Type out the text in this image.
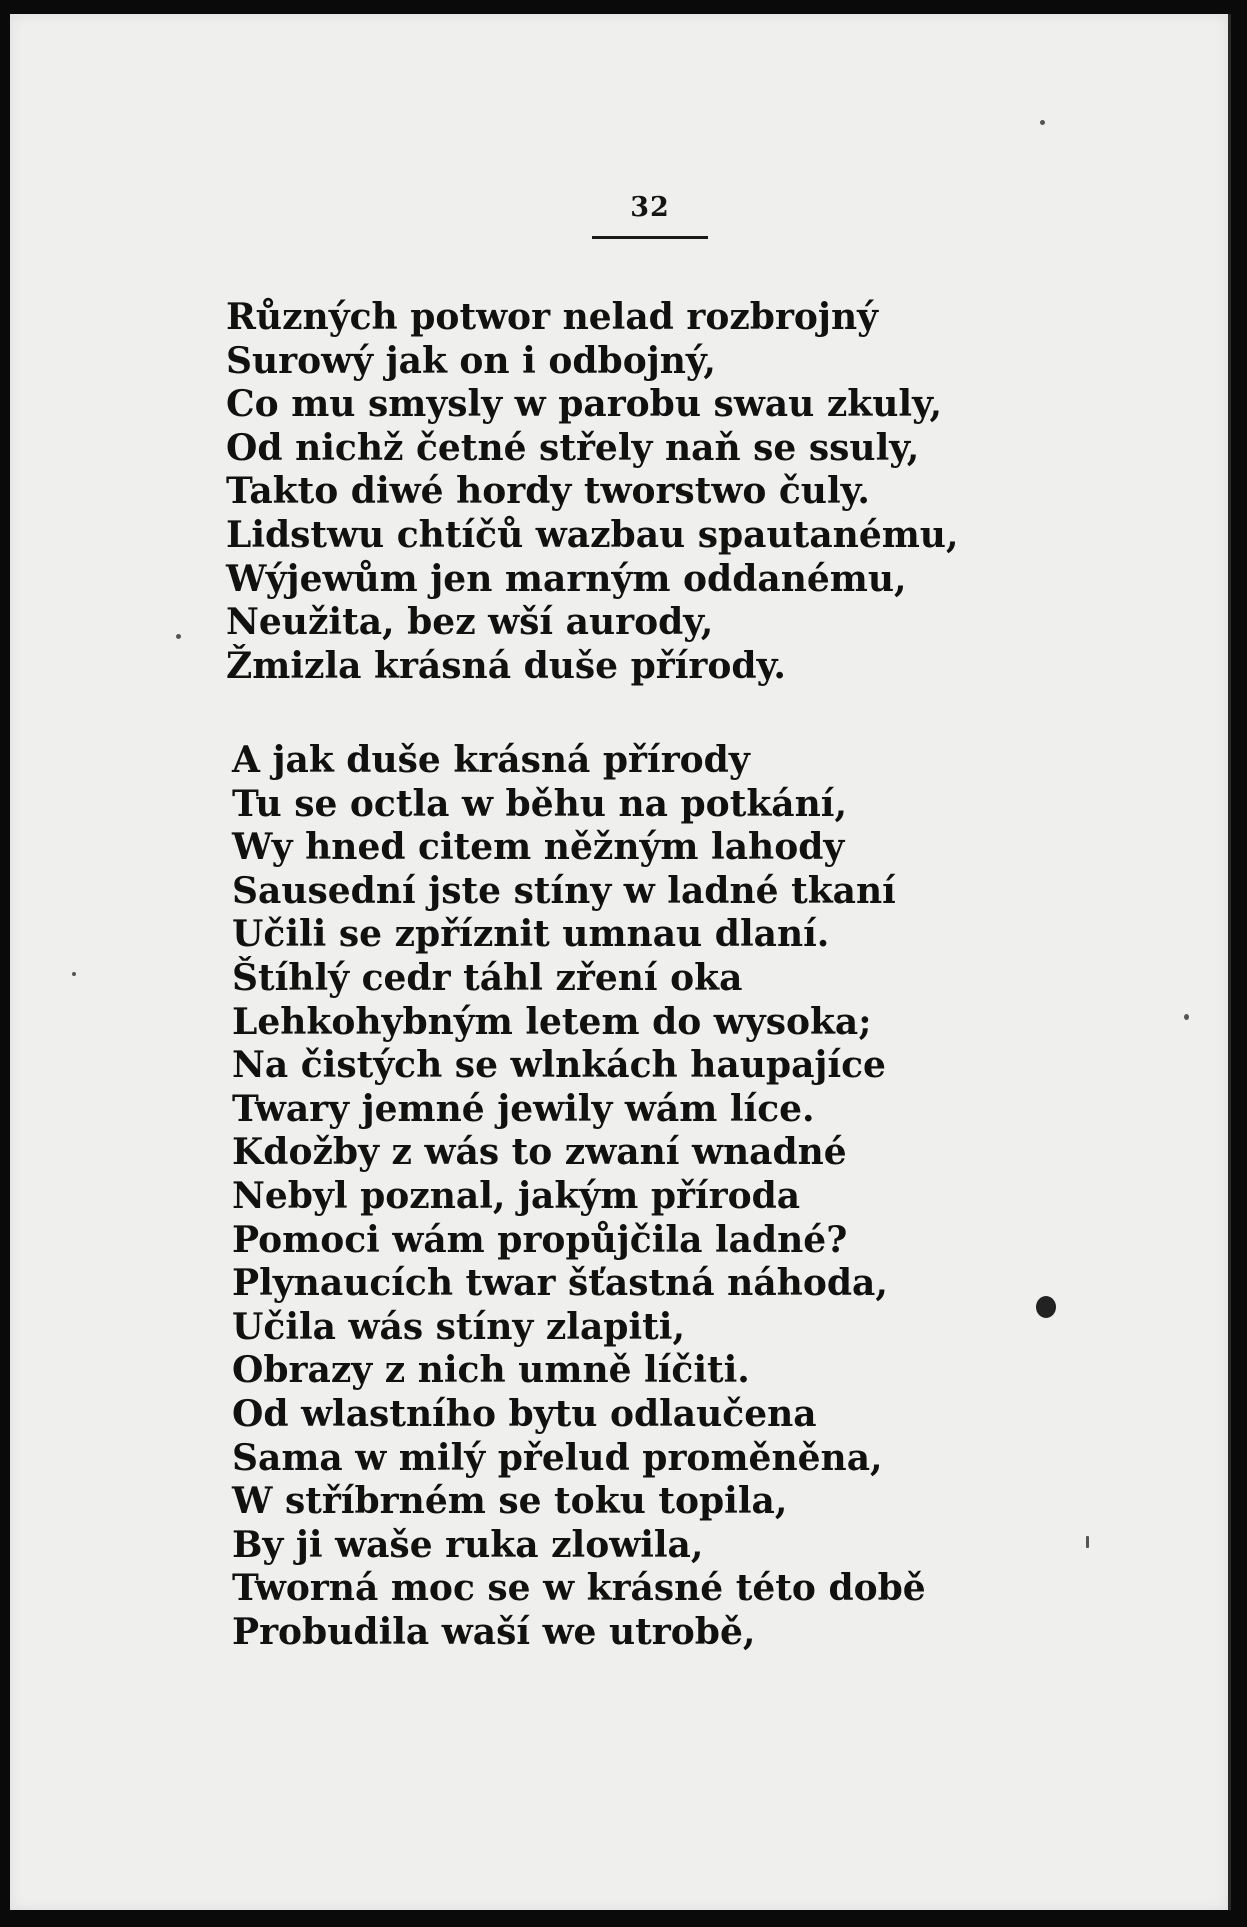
32
Různých potwor nelad rozbrojný
Surowý jak on i odbojný,
Co mu smysly w parobu swau zkuly,
Od nichž četné střely naň se ssuly,
Takto diwé hordy tworstwo čuly.
Lidstwu chtíčů wazbau spautanému,
Wýjewům jen marným oddanému,
Neužita, bez wší aurody,
Žmizla krásná duše přírody.
A jak duše krásná přírody
Tu se octla w běhu na potkání,
Wy hned citem něžným lahody
Sausední jste stíny w ladné tkaní
Učili se zpříznit umnau dlaní.
Štíhlý cedr táhl zření oka
Lehkohybným letem do wysoka;
Na čistých se wlnkách haupajíce
Twary jemné jewily wám líce.
Kdožby z wás to zwaní wnadné
Nebyl poznal, jakým příroda
Pomoci wám propůjčila ladné?
Plynaucích twar šťastná náhoda,
Učila wás stíny zlapiti,
Obrazy z nich umně líčiti.
Od wlastního bytu odlaučena
Sama w milý přelud proměněna,
W stříbrném se toku topila,
By ji waše ruka zlowila,
Tworná moc se w krásné této době
Probudila waší we utrobě,
